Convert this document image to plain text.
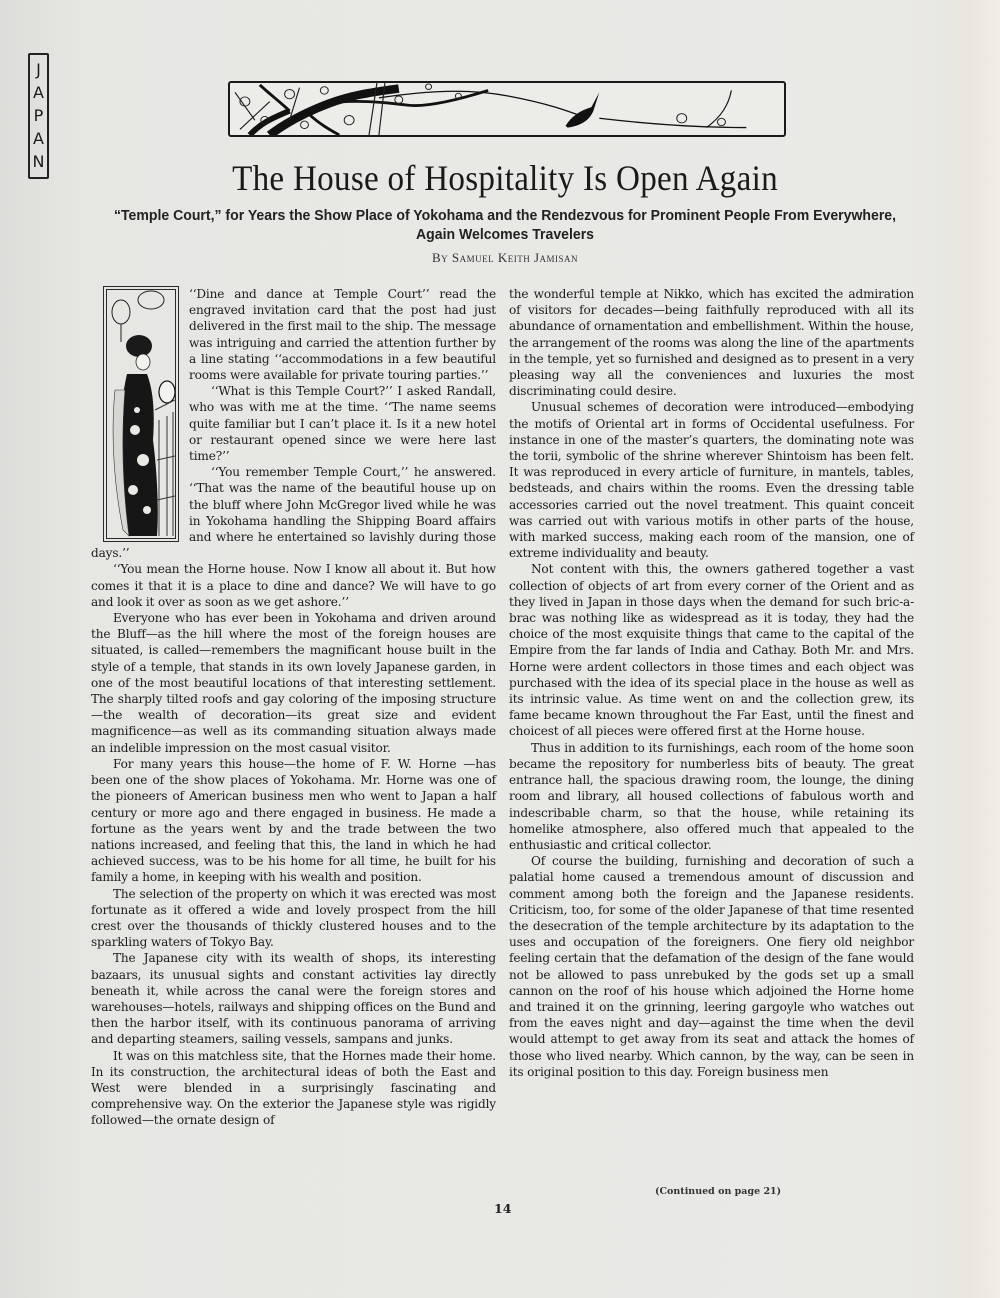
J
A
P
A
N	The House of Hospitality Is Open Again
“Temple Court,” for Years the Show Place of Yokohama and the Rendezvous for Prominent People From Everywhere, Again Welcomes Travelers
By Samuel Keith Jamisan

‘‘Dine and dance at Temple Court’’ read the engraved invitation card that the post had just delivered in the first mail to the ship. The message was intriguing and carried the attention further by a line stating ‘‘accommodations in a few beautiful rooms were available for private touring parties.’’

‘‘What is this Temple Court?’’ I asked Randall, who was with me at the time. ‘‘The name seems quite familiar but I can’t place it. Is it a new hotel or restaurant opened since we were here last time?’’

‘‘You remember Temple Court,’’ he answered. ‘‘That was the name of the beautiful house up on the bluff where John McGregor lived while he was in Yokohama handling the Shipping Board affairs and where he entertained so lavishly during those days.’’

‘‘You mean the Horne house. Now I know all about it. But how comes it that it is a place to dine and dance? We will have to go and look it over as soon as we get ashore.’’

Everyone who has ever been in Yokohama and driven around the Bluff—as the hill where the most of the foreign houses are situated, is called—remembers the magnificant house built in the style of a temple, that stands in its own lovely Japanese garden, in one of the most beautiful locations of that interesting settlement. The sharply tilted roofs and gay coloring of the imposing structure—the wealth of decoration—its great size and evident magnificence—as well as its commanding situation always made an indelible impression on the most casual visitor.

For many years this house—the home of F. W. Horne —has been one of the show places of Yokohama. Mr. Horne was one of the pioneers of American business men who went to Japan a half century or more ago and there engaged in business. He made a fortune as the years went by and the trade between the two nations increased, and feeling that this, the land in which he had achieved success, was to be his home for all time, he built for his family a home, in keeping with his wealth and position.

The selection of the property on which it was erected was most fortunate as it offered a wide and lovely prospect from the hill crest over the thousands of thickly clustered houses and to the sparkling waters of Tokyo Bay.

The Japanese city with its wealth of shops, its interesting bazaars, its unusual sights and constant activities lay directly beneath it, while across the canal were the foreign stores and warehouses—hotels, railways and shipping offices on the Bund and then the harbor itself, with its continuous panorama of arriving and departing steamers, sailing vessels, sampans and junks.

It was on this matchless site, that the Hornes made their home. In its construction, the architectural ideas of both the East and West were blended in a surprisingly fascinating and comprehensive way. On the exterior the Japanese style was rigidly followed—the ornate design of

the wonderful temple at Nikko, which has excited the admiration of visitors for decades—being faithfully reproduced with all its abundance of ornamentation and embellishment. Within the house, the arrangement of the rooms was along the line of the apartments in the temple, yet so furnished and designed as to present in a very pleasing way all the conveniences and luxuries the most discriminating could desire.

Unusual schemes of decoration were introduced—embodying the motifs of Oriental art in forms of Occidental usefulness. For instance in one of the master’s quarters, the dominating note was the torii, symbolic of the shrine wherever Shintoism has been felt. It was reproduced in every article of furniture, in mantels, tables, bedsteads, and chairs within the rooms. Even the dressing table accessories carried out the novel treatment. This quaint conceit was carried out with various motifs in other parts of the house, with marked success, making each room of the mansion, one of extreme individuality and beauty.

Not content with this, the owners gathered together a vast collection of objects of art from every corner of the Orient and as they lived in Japan in those days when the demand for such bric-a-brac was nothing like as widespread as it is today, they had the choice of the most exquisite things that came to the capital of the Empire from the far lands of India and Cathay. Both Mr. and Mrs. Horne were ardent collectors in those times and each object was purchased with the idea of its special place in the house as well as its intrinsic value. As time went on and the collection grew, its fame became known throughout the Far East, until the finest and choicest of all pieces were offered first at the Horne house.

Thus in addition to its furnishings, each room of the home soon became the repository for numberless bits of beauty. The great entrance hall, the spacious drawing room, the lounge, the dining room and library, all housed collections of fabulous worth and indescribable charm, so that the house, while retaining its homelike atmosphere, also offered much that appealed to the enthusiastic and critical collector.

Of course the building, furnishing and decoration of such a palatial home caused a tremendous amount of discussion and comment among both the foreign and the Japanese residents. Criticism, too, for some of the older Japanese of that time resented the desecration of the temple architecture by its adaptation to the uses and occupation of the foreigners. One fiery old neighbor feeling certain that the defamation of the design of the fane would not be allowed to pass unrebuked by the gods set up a small cannon on the roof of his house which adjoined the Horne home and trained it on the grinning, leering gargoyle who watches out from the eaves night and day—against the time when the devil would attempt to get away from its seat and attack the homes of those who lived nearby. Which cannon, by the way, can be seen in its original position to this day. Foreign business men

(Continued on page 21)
14
